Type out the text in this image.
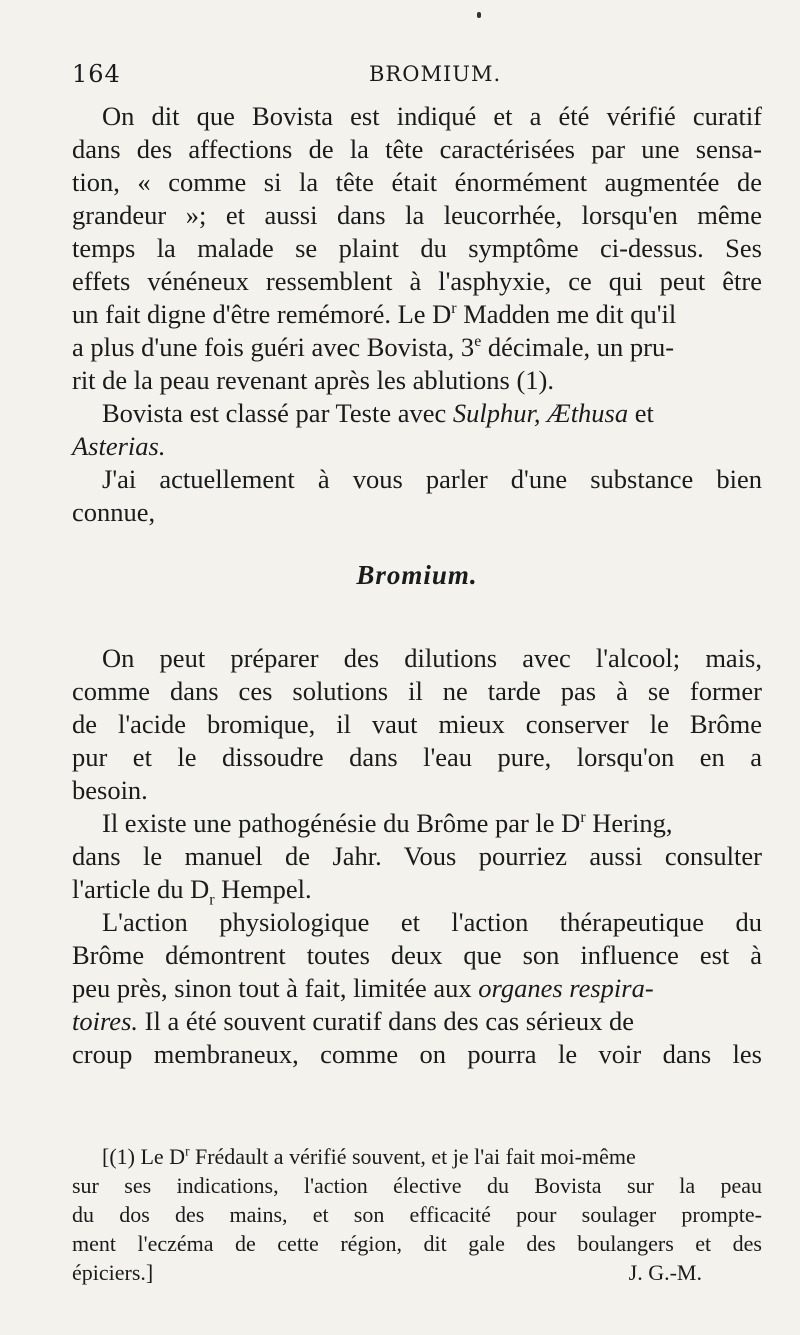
164	BROMIUM.
On dit que Bovista est indiqué et a été vérifié curatif
dans des affections de la tête caractérisées par une sensa-
tion, « comme si la tête était énormément augmentée de
grandeur »; et aussi dans la leucorrhée, lorsqu'en même
temps la malade se plaint du symptôme ci-dessus. Ses
effets vénéneux ressemblent à l'asphyxie, ce qui peut être
un fait digne d'être remémoré. Le $D^r$ Madden me dit qu'il
a plus d'une fois guéri avec Bovista, 3e décimale, un pru-
rit de la peau revenant après les ablutions (1).
Bovista est classé par Teste avec Sulphur, Æthusa et
Asterias.
J'ai actuellement à vous parler d'une substance bien
connue,
Bromium.
On peut préparer des dilutions avec l'alcool; mais,
comme dans ces solutions il ne tarde pas à se former
de l'acide bromique, il vaut mieux conserver le Brôme
pur et le dissoudre dans l'eau pure, lorsqu'on en a
besoin.
Il existe une pathogénésie du Brôme par le $D^r$ Hering,
dans le manuel de Jahr. Vous pourriez aussi consulter
l'article du $D_r$ Hempel.
L'action physiologique et l'action thérapeutique du
Brôme démontrent toutes deux que son influence est à
peu près, sinon tout à fait, limitée aux organes respira-
toires. Il a été souvent curatif dans des cas sérieux de
croup membraneux, comme on pourra le voir dans les
[(1) Le $D^r$ Frédault a vérifié souvent, et je l'ai fait moi-même
sur ses indications, l'action élective du Bovista sur la peau
du dos des mains, et son efficacité pour soulager prompte-
ment l'eczéma de cette région, dit gale des boulangers et des
épiciers.]	J. G.-M.
